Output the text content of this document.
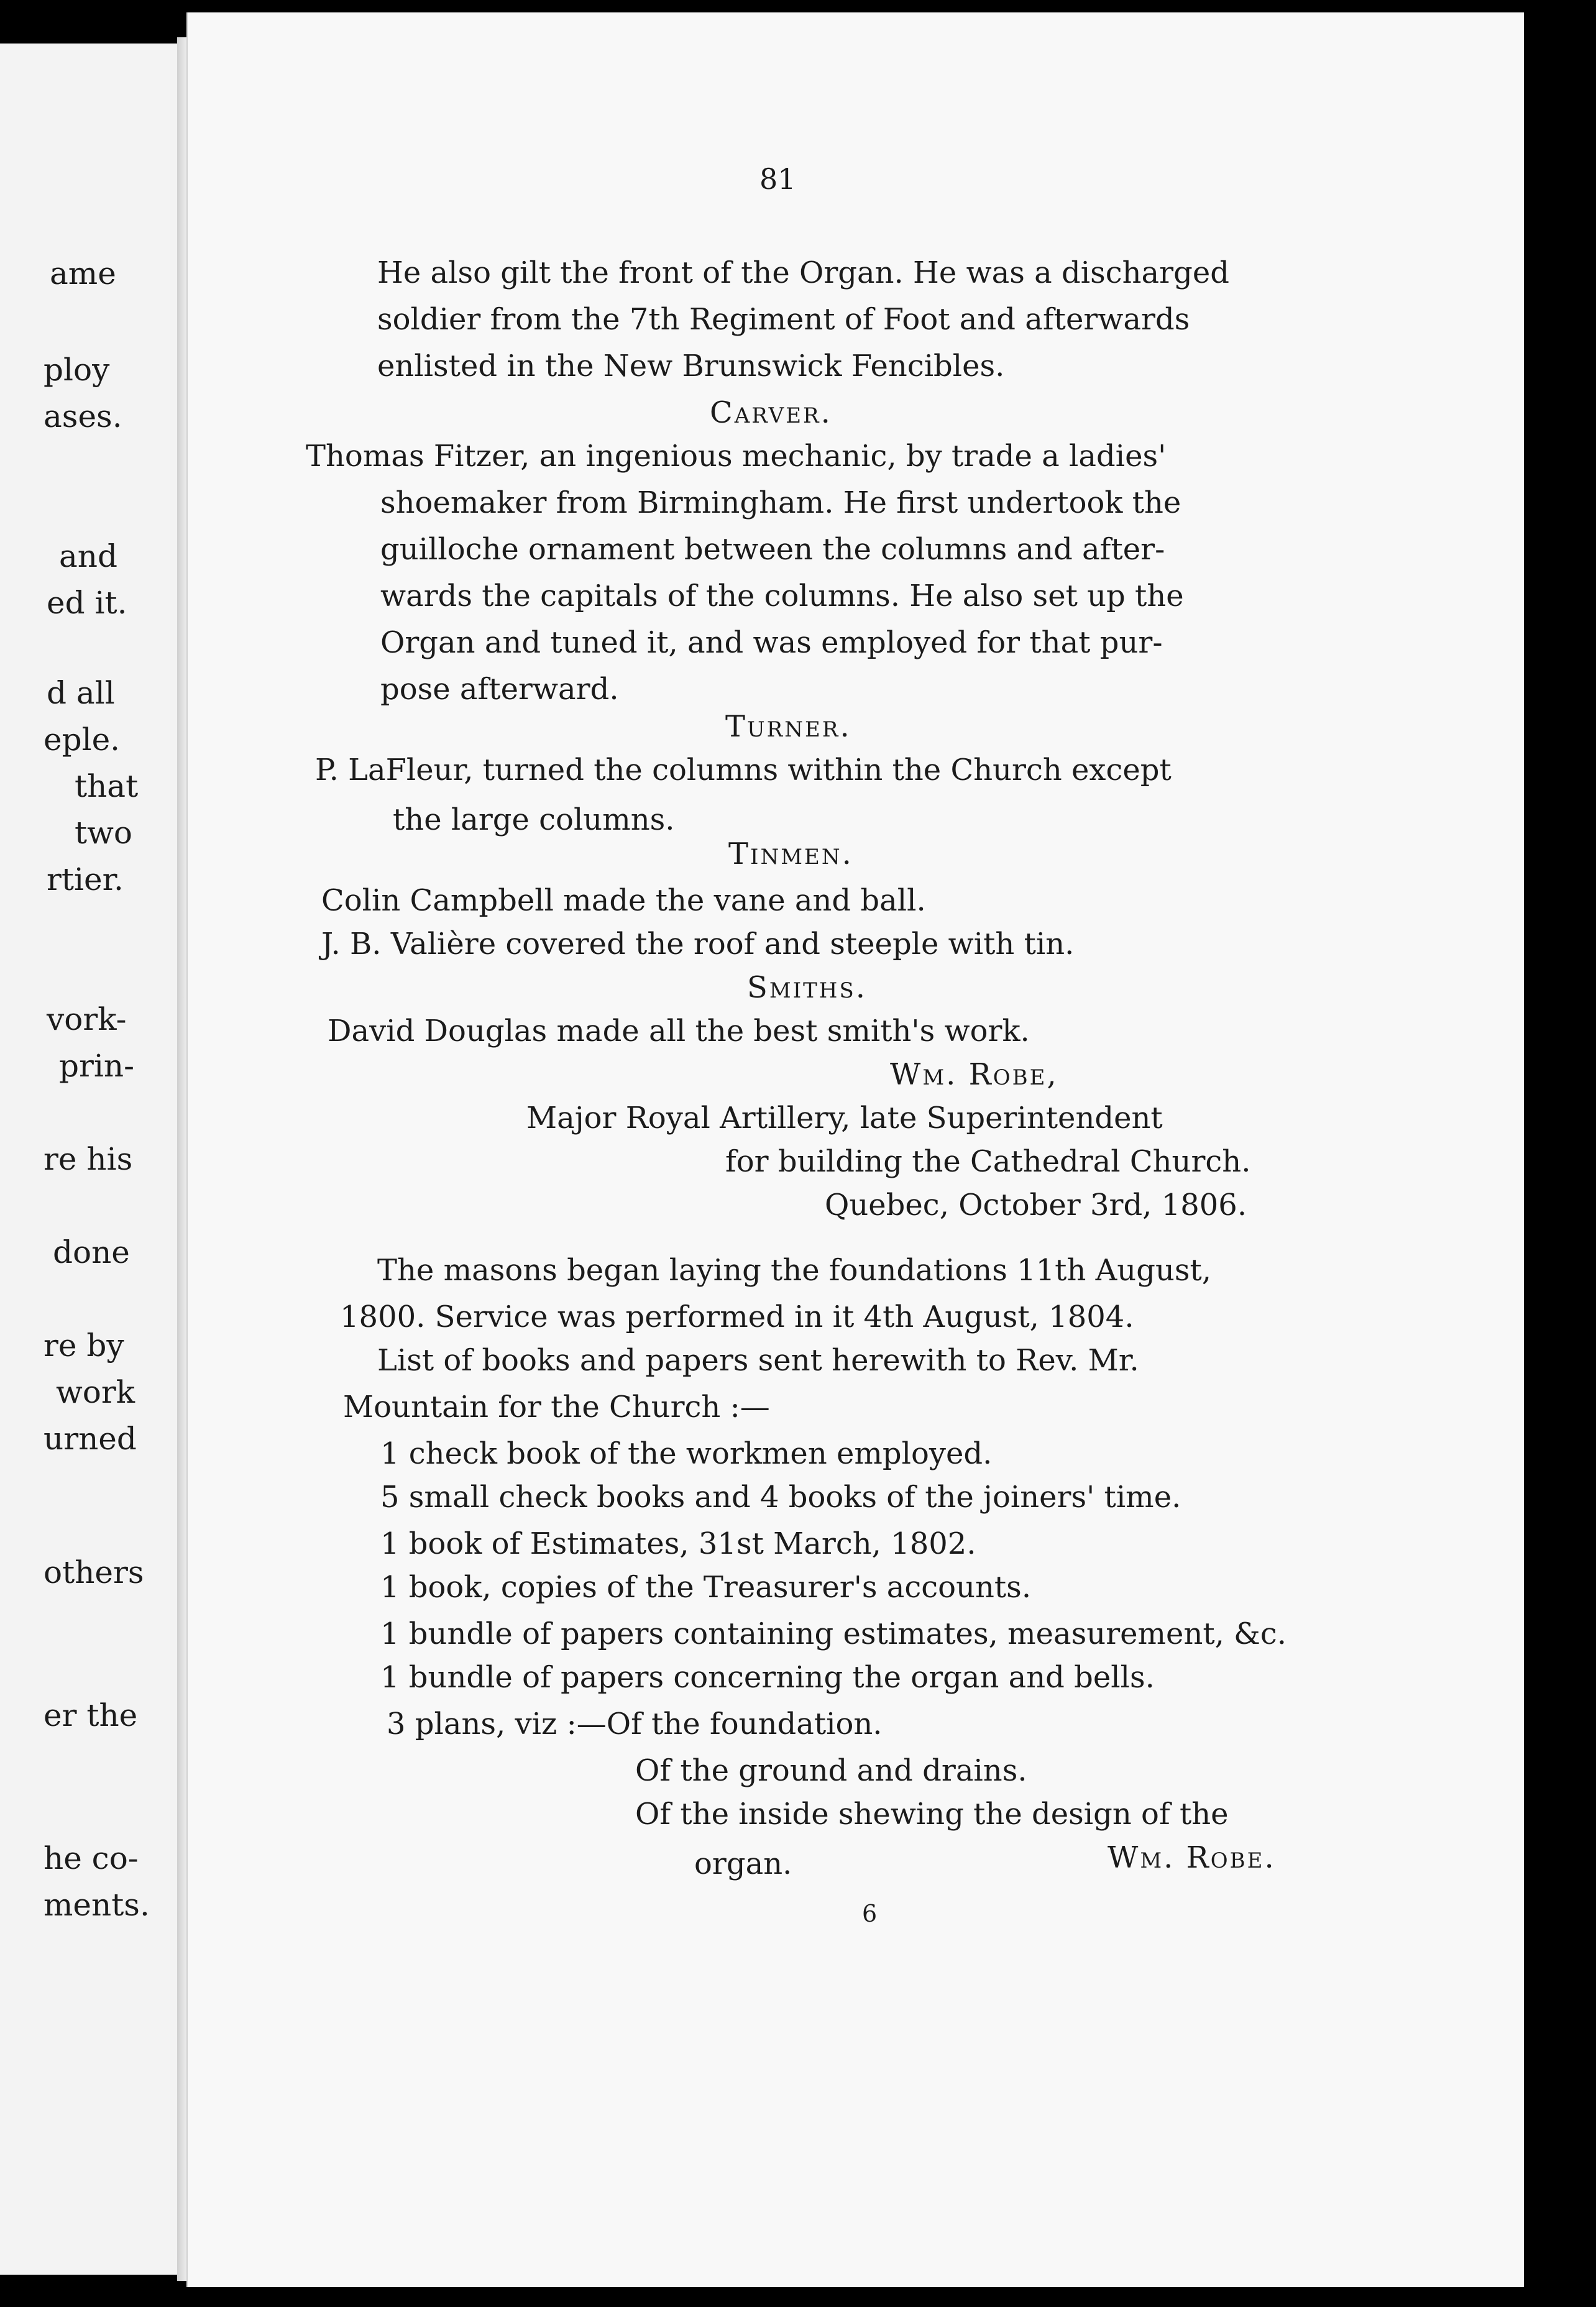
ame
ploy
ases.
and
ed it.
d all
eple.
that
two
rtier.
vork-
prin-
re his
done
re by
work
urned
others
er the
he co-
ments.
81
He also gilt the front of the Organ. He was a discharged
soldier from the 7th Regiment of Foot and afterwards
enlisted in the New Brunswick Fencibles.
Carver.
Thomas Fitzer, an ingenious mechanic, by trade a ladies'
shoemaker from Birmingham. He first undertook the
guilloche ornament between the columns and after-
wards the capitals of the columns. He also set up the
Organ and tuned it, and was employed for that pur-
pose afterward.
Turner.
P. LaFleur, turned the columns within the Church except
the large columns.
Tinmen.
Colin Campbell made the vane and ball.
J. B. Valière covered the roof and steeple with tin.
Smiths.
David Douglas made all the best smith's work.
Wm. Robe,
Major Royal Artillery, late Superintendent
for building the Cathedral Church.
Quebec, October 3rd, 1806.
The masons began laying the foundations 11th August,
1800. Service was performed in it 4th August, 1804.
List of books and papers sent herewith to Rev. Mr.
Mountain for the Church :—
1 check book of the workmen employed.
5 small check books and 4 books of the joiners' time.
1 book of Estimates, 31st March, 1802.
1 book, copies of the Treasurer's accounts.
1 bundle of papers containing estimates, measurement, &c.
1 bundle of papers concerning the organ and bells.
3 plans, viz :—Of the foundation.
Of the ground and drains.
Of the inside shewing the design of the
organ.	Wm. Robe.
6
